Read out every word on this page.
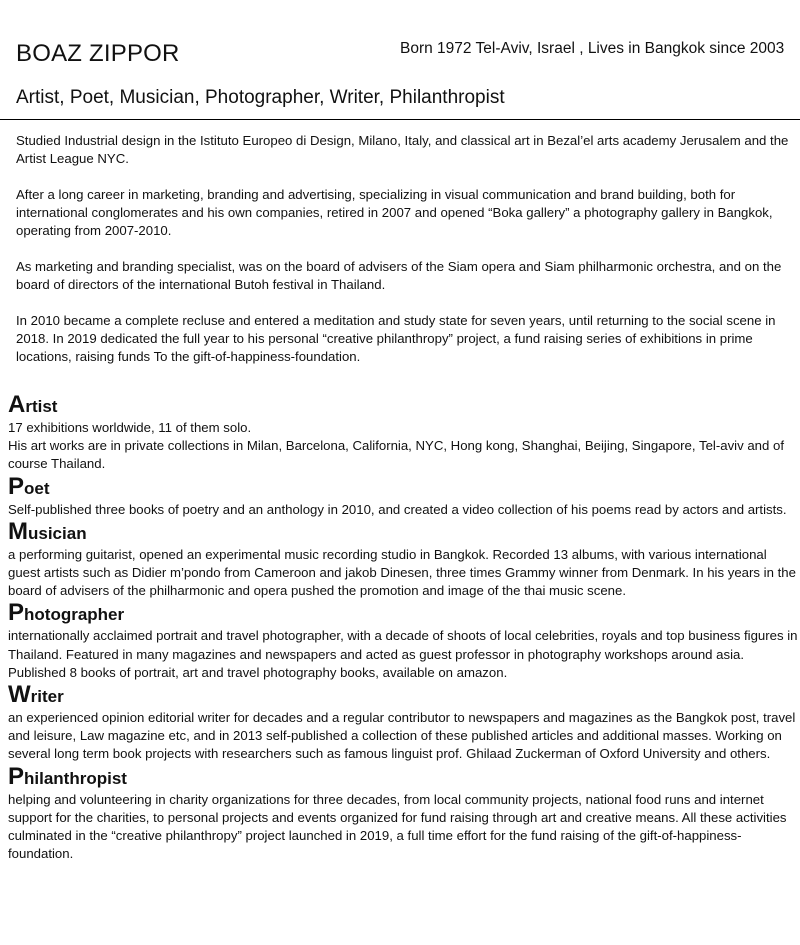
BOAZ ZIPPOR	Born 1972 Tel-Aviv, Israel , Lives in Bangkok since 2003
Artist, Poet, Musician, Photographer, Writer, Philanthropist

Studied Industrial design in the Istituto Europeo di Design, Milano, Italy, and classical art in Bezal’el arts academy Jerusalem and the Artist League NYC.

After a long career in marketing, branding and advertising, specializing in visual communication and brand building, both for international conglomerates and his own companies, retired in 2007 and opened “Boka gallery” a photography gallery in Bangkok, operating from 2007-2010.

As marketing and branding specialist, was on the board of advisers of the Siam opera and Siam philharmonic orchestra, and on the board of directors of the international Butoh festival in Thailand.

In 2010 became a complete recluse and entered a meditation and study state for seven years, until returning to the social scene in 2018. In 2019 dedicated the full year to his personal “creative philanthropy” project, a fund raising series of exhibitions in prime locations, raising funds To the gift-of-happiness-foundation.

Artist
17 exhibitions worldwide, 11 of them solo.
His art works are in private collections in Milan, Barcelona, California, NYC, Hong kong, Shanghai, Beijing, Singapore, Tel-aviv and of course Thailand.
Poet
Self-published three books of poetry and an anthology in 2010, and created a video collection of his poems read by actors and artists.
Musician
a performing guitarist, opened an experimental music recording studio in Bangkok. Recorded 13 albums, with various international guest artists such as Didier m’pondo from Cameroon and jakob Dinesen, three times Grammy winner from Denmark. In his years in the board of advisers of the philharmonic and opera pushed the promotion and image of the thai music scene.
Photographer
internationally acclaimed portrait and travel photographer, with a decade of shoots of local celebrities, royals and top business figures in Thailand. Featured in many magazines and newspapers and acted as guest professor in photography workshops around asia. Published 8 books of portrait, art and travel photography books, available on amazon.
Writer
an experienced opinion editorial writer for decades and a regular contributor to newspapers and magazines as the Bangkok post, travel and leisure, Law magazine etc, and in 2013 self-published a collection of these published articles and additional masses. Working on several long term book projects with researchers such as famous linguist prof. Ghilaad Zuckerman of Oxford University and others.
Philanthropist
helping and volunteering in charity organizations for three decades, from local community projects, national food runs and internet support for the charities, to personal projects and events organized for fund raising through art and creative means. All these activities culminated in the “creative philanthropy” project launched in 2019, a full time effort for the fund raising of the gift-of-happiness-foundation.
